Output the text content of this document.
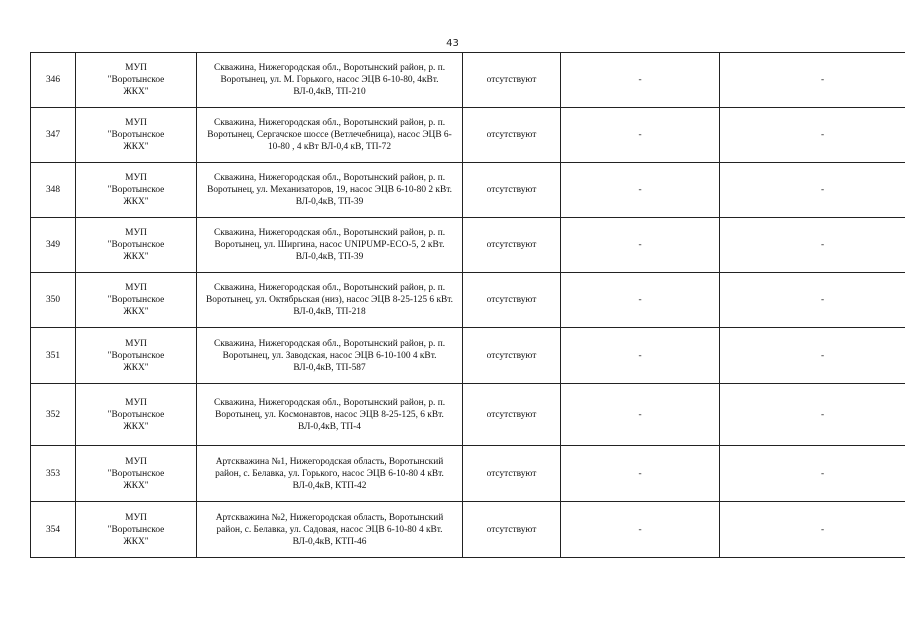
43
346	МУП "Воротынское ЖКХ"	Скважина, Нижегородская обл., Воротынский район, р. п. Воротынец, ул. М. Горького, насос ЭЦВ 6-10-80, 4кВт. ВЛ-0,4кВ, ТП-210	отсутствуют	-	-

347	МУП "Воротынское ЖКХ"	Скважина, Нижегородская обл., Воротынский район, р. п. Воротынец, Сергачское шоссе (Ветлечебница), насос ЭЦВ 6-10-80 , 4 кВт ВЛ-0,4 кВ, ТП-72	отсутствуют	-	-

348	МУП "Воротынское ЖКХ"	Скважина, Нижегородская обл., Воротынский район, р. п. Воротынец, ул. Механизаторов, 19, насос ЭЦВ 6-10-80 2 кВт. ВЛ-0,4кВ, ТП-39	отсутствуют	-	-

349	МУП "Воротынское ЖКХ"	Скважина, Нижегородская обл., Воротынский район, р. п. Воротынец, ул. Ширгина, насос UNIPUMP-ECO-5, 2 кВт. ВЛ-0,4кВ, ТП-39	отсутствуют	-	-

350	МУП "Воротынское ЖКХ"	Скважина, Нижегородская обл., Воротынский район, р. п. Воротынец, ул. Октябрьская (низ), насос ЭЦВ 8-25-125 6 кВт. ВЛ-0,4кВ, ТП-218	отсутствуют	-	-

351	МУП "Воротынское ЖКХ"	Скважина, Нижегородская обл., Воротынский район, р. п. Воротынец, ул. Заводская, насос ЭЦВ 6-10-100 4 кВт. ВЛ-0,4кВ, ТП-587	отсутствуют	-	-

352	МУП "Воротынское ЖКХ"	Скважина, Нижегородская обл., Воротынский район, р. п. Воротынец, ул. Космонавтов, насос ЭЦВ 8-25-125, 6 кВт. ВЛ-0,4кВ, ТП-4	отсутствуют	-	-

353	МУП "Воротынское ЖКХ"	Артскважина №1, Нижегородская область, Воротынский район, с. Белавка, ул. Горького, насос ЭЦВ 6-10-80 4 кВт. ВЛ-0,4кВ, КТП-42	отсутствуют	-	-

354	МУП "Воротынское ЖКХ"	Артскважина №2, Нижегородская область, Воротынский район, с. Белавка, ул. Садовая, насос ЭЦВ 6-10-80 4 кВт. ВЛ-0,4кВ, КТП-46	отсутствуют	-	-
